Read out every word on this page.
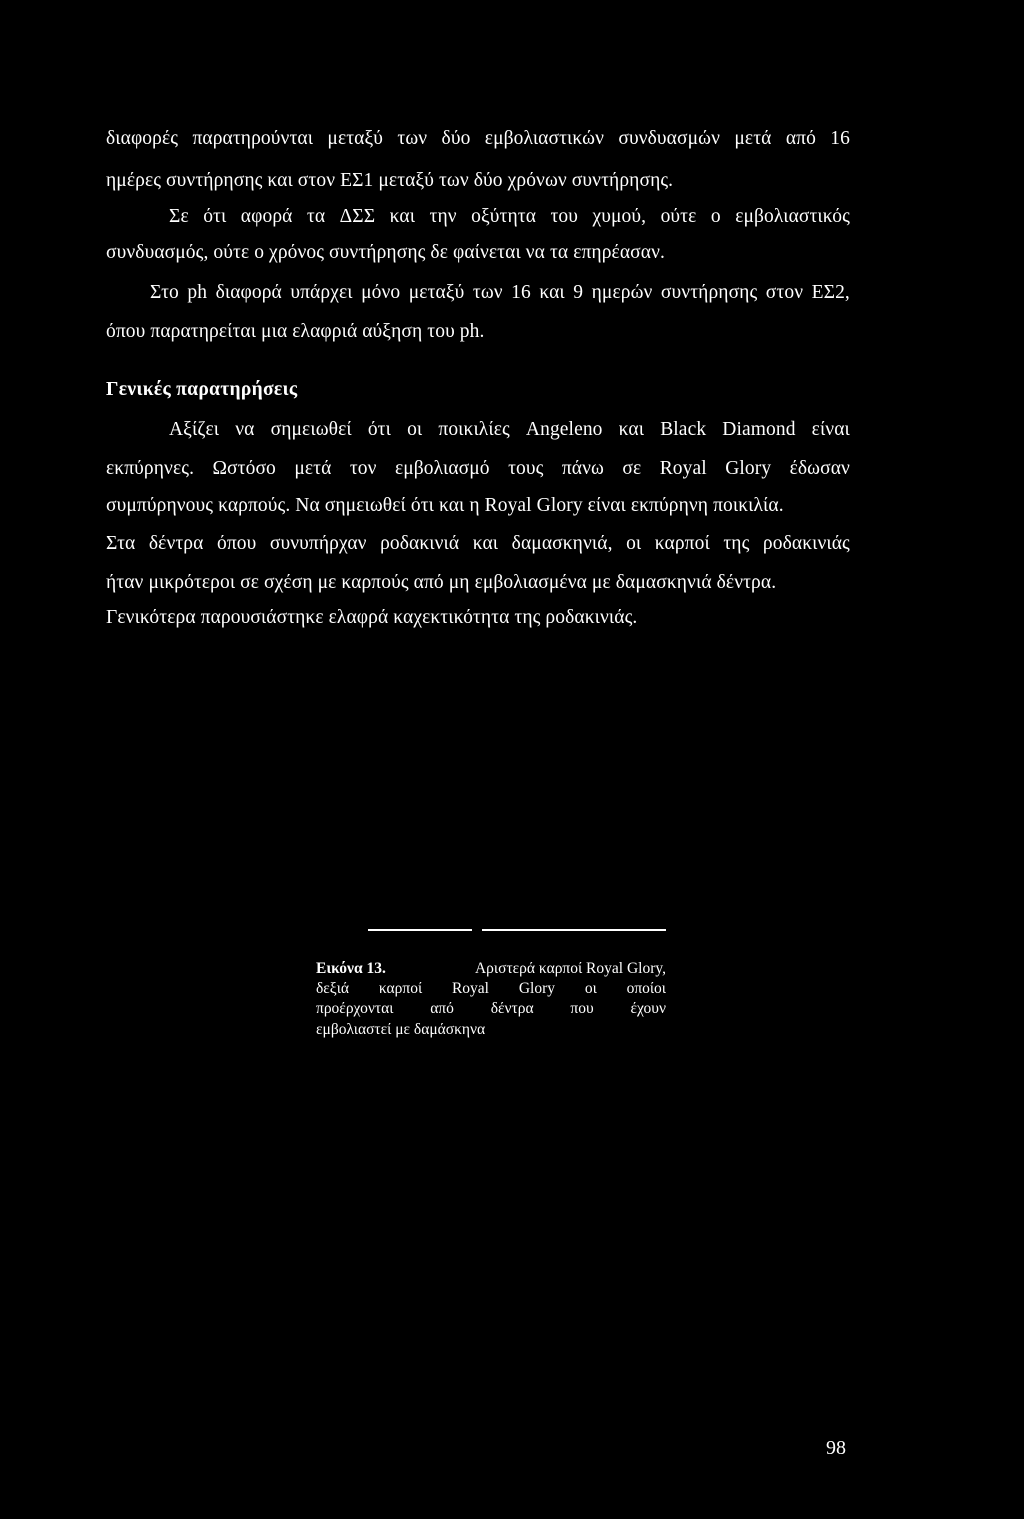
διαφορές παρατηρούνται μεταξύ των δύο εμβολιαστικών συνδυασμών μετά από 16
ημέρες συντήρησης και στον ΕΣ1 μεταξύ των δύο χρόνων συντήρησης.
Σε ότι αφορά τα ΔΣΣ και την οξύτητα του χυμού, ούτε ο εμβολιαστικός
συνδυασμός, ούτε ο χρόνος συντήρησης δε φαίνεται να τα επηρέασαν.
Στο ph διαφορά υπάρχει μόνο μεταξύ των 16 και 9 ημερών συντήρησης στον ΕΣ2,
όπου παρατηρείται μια ελαφριά αύξηση του ph.
Γενικές παρατηρήσεις
Αξίζει να σημειωθεί ότι οι ποικιλίες Angeleno και Black Diamond είναι
εκπύρηνες. Ωστόσο μετά τον εμβολιασμό τους πάνω σε Royal Glory έδωσαν
συμπύρηνους καρπούς. Να σημειωθεί ότι και η Royal Glory είναι εκπύρηνη ποικιλία.
Στα δέντρα όπου συνυπήρχαν ροδακινιά και δαμασκηνιά, οι καρποί της ροδακινιάς
ήταν μικρότεροι σε σχέση με καρπούς από μη εμβολιασμένα με δαμασκηνιά δέντρα.
Γενικότερα παρουσιάστηκε ελαφρά καχεκτικότητα της ροδακινιάς.
Εικόνα 13.	Αριστερά καρποί Royal Glory,
δεξιά καρποί Royal Glory οι οποίοι
προέρχονται από δέντρα που έχουν
εμβολιαστεί με δαμάσκηνα
98
